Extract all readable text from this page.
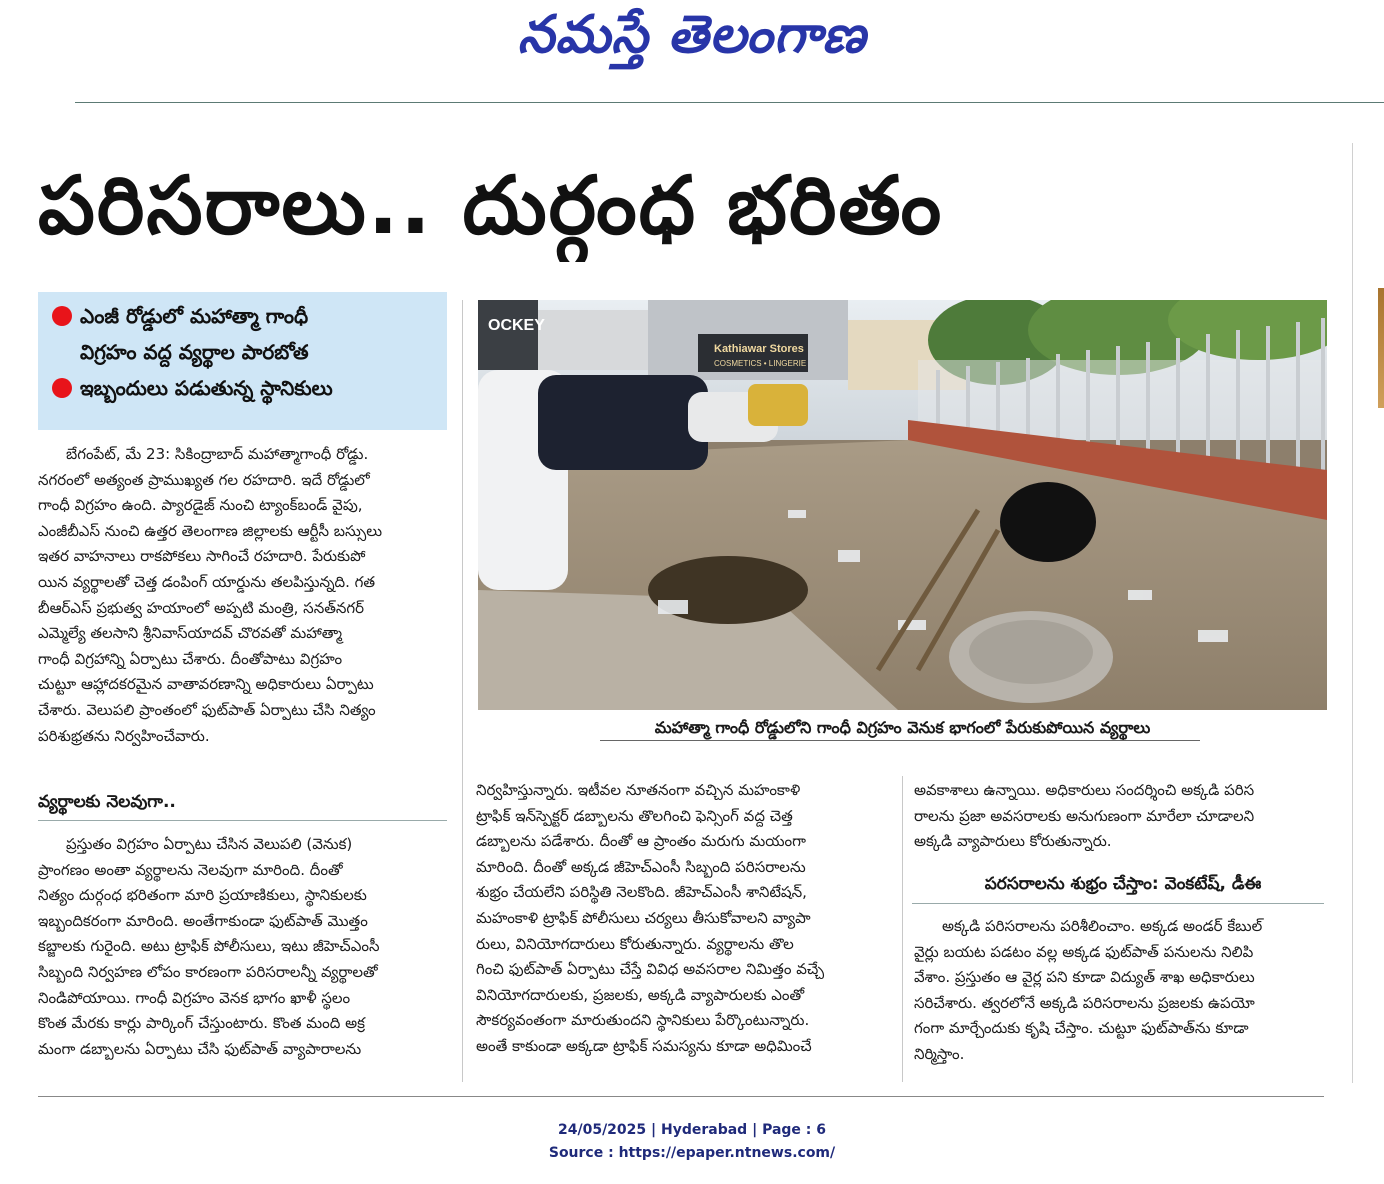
నమస్తే తెలంగాణ
పరిసరాలు.. దుర్గంధ భరితం
ఎంజీ రోడ్డులో మహాత్మా గాంధీ
విగ్రహం వద్ద వ్యర్థాల పారబోత
ఇబ్బందులు పడుతున్న స్థానికులు
బేగంపేట్, మే 23: సికింద్రాబాద్ మహాత్మాగాంధీ రోడ్డు.
నగరంలో అత్యంత ప్రాముఖ్యత గల రహదారి. ఇదే రోడ్డులో
గాంధీ విగ్రహం ఉంది. ప్యారడైజ్ నుంచి ట్యాంక్‌బండ్ వైపు,
ఎంజీబీఎస్ నుంచి ఉత్తర తెలంగాణ జిల్లాలకు ఆర్టీసీ బస్సులు
ఇతర వాహనాలు రాకపోకలు సాగించే రహదారి. పేరుకుపో
యిన వ్యర్థాలతో చెత్త డంపింగ్ యార్డును తలపిస్తున్నది. గత
బీఆర్‌ఎస్ ప్రభుత్వ హయాంలో అప్పటి మంత్రి, సనత్‌నగర్
ఎమ్మెల్యే తలసాని శ్రీనివాస్‌యాదవ్ చొరవతో మహాత్మా
గాంధీ విగ్రహాన్ని ఏర్పాటు చేశారు. దీంతోపాటు విగ్రహం
చుట్టూ ఆహ్లాదకరమైన వాతావరణాన్ని అధికారులు ఏర్పాటు
చేశారు. వెలుపలి ప్రాంతంలో ఫుట్‌పాత్ ఏర్పాటు చేసి నిత్యం
పరిశుభ్రతను నిర్వహించేవారు.
వ్యర్థాలకు నెలవుగా..
ప్రస్తుతం విగ్రహం ఏర్పాటు చేసిన వెలుపలి (వెనుక)
ప్రాంగణం అంతా వ్యర్థాలను నెలవుగా మారింది. దీంతో
నిత్యం దుర్గంధ భరితంగా మారి ప్రయాణికులు, స్థానికులకు
ఇబ్బందికరంగా మారింది. అంతేగాకుండా ఫుట్‌పాత్ మొత్తం
కబ్జాలకు గురైంది. అటు ట్రాఫిక్ పోలీసులు, ఇటు జీహెచ్‌ఎంసీ
సిబ్బంది నిర్వహణ లోపం కారణంగా పరిసరాలన్నీ వ్యర్థాలతో
నిండిపోయాయి. గాంధీ విగ్రహం వెనక భాగం ఖాళీ స్థలం
కొంత మేరకు కార్లు పార్కింగ్ చేస్తుంటారు. కొంత మంది అక్ర
మంగా డబ్బాలను ఏర్పాటు చేసి ఫుట్‌పాత్ వ్యాపారాలను
OCKEY
Kathiawar Stores
COSMETICS • LINGERIE
మహాత్మా గాంధీ రోడ్డులోని గాంధీ విగ్రహం వెనుక భాగంలో పేరుకుపోయిన వ్యర్థాలు
నిర్వహిస్తున్నారు. ఇటీవల నూతనంగా వచ్చిన మహంకాళి
ట్రాఫిక్ ఇన్‌స్పెక్టర్ డబ్బాలను తొలగించి ఫెన్సింగ్ వద్ద చెత్త
డబ్బాలను పడేశారు. దీంతో ఆ ప్రాంతం మరుగు మయంగా
మారింది. దీంతో అక్కడ జీహెచ్‌ఎంసీ సిబ్బంది పరిసరాలను
శుభ్రం చేయలేని పరిస్థితి నెలకొంది. జీహెచ్‌ఎంసీ శానిటేషన్,
మహంకాళి ట్రాఫిక్ పోలీసులు చర్యలు తీసుకోవాలని వ్యాపా
రులు, వినియోగదారులు కోరుతున్నారు. వ్యర్థాలను తొల
గించి ఫుట్‌పాత్ ఏర్పాటు చేస్తే వివిధ అవసరాల నిమిత్తం వచ్చే
వినియోగదారులకు, ప్రజలకు, అక్కడి వ్యాపారులకు ఎంతో
సౌకర్యవంతంగా మారుతుందని స్థానికులు పేర్కొంటున్నారు.
అంతే కాకుండా అక్కడా ట్రాఫిక్ సమస్యను కూడా అధిమించే
అవకాశాలు ఉన్నాయి. అధికారులు సందర్శించి అక్కడి పరిస
రాలను ప్రజా అవసరాలకు అనుగుణంగా మారేలా చూడాలని
అక్కడి వ్యాపారులు కోరుతున్నారు.
పరసరాలను శుభ్రం చేస్తాం: వెంకటేష్, డీఈ
అక్కడి పరిసరాలను పరిశీలించాం. అక్కడ అండర్ కేబుల్
వైర్లు బయట పడటం వల్ల అక్కడ ఫుట్‌పాత్ పనులను నిలిపి
వేశాం. ప్రస్తుతం ఆ వైర్ల పని కూడా విద్యుత్ శాఖ అధికారులు
సరిచేశారు. త్వరలోనే అక్కడి పరిసరాలను ప్రజలకు ఉపయో
గంగా మార్చేందుకు కృషి చేస్తాం. చుట్టూ ఫుట్‌పాత్‌ను కూడా
నిర్మిస్తాం.
24/05/2025 | Hyderabad | Page : 6
Source : https://epaper.ntnews.com/
